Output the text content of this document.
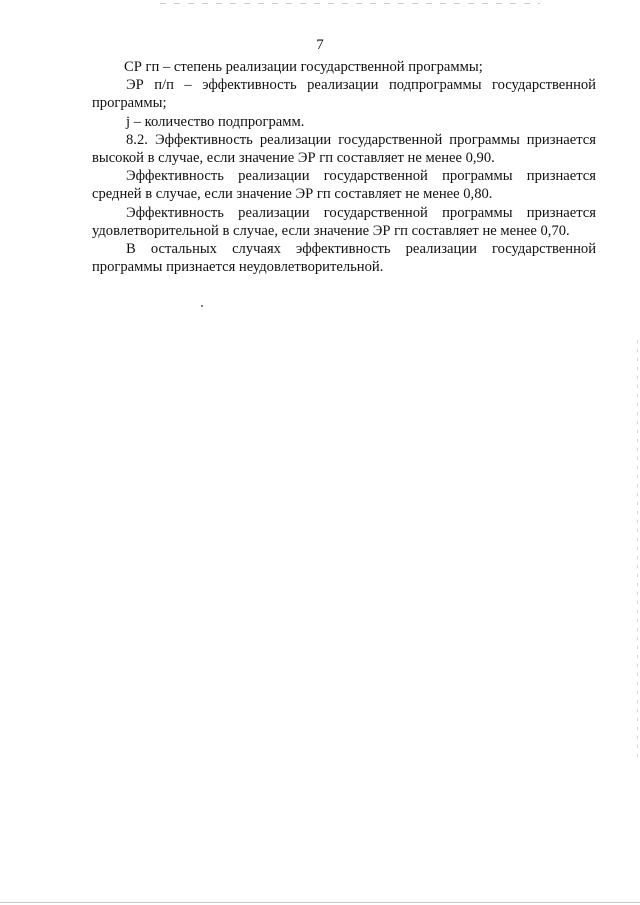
7

СР гп – степень реализации государственной программы;

ЭР п/п – эффективность реализации подпрограммы государственной программы;

j – количество подпрограмм.

8.2. Эффективность реализации государственной программы признается высокой в случае, если значение ЭР гп составляет не менее 0,90.

Эффективность реализации государственной программы признается средней в случае, если значение ЭР гп составляет не менее 0,80.

Эффективность реализации государственной программы признается удовлетворительной в случае, если значение ЭР гп составляет не менее 0,70.

В остальных случаях эффективность реализации государственной программы признается неудовлетворительной.
